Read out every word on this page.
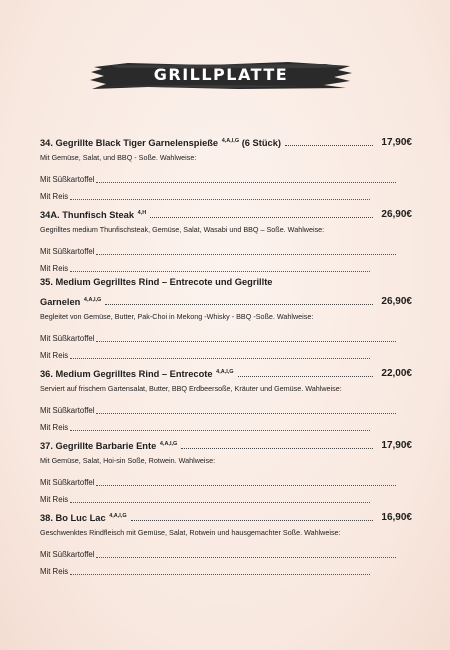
GRILLPLATTE
34. Gegrillte Black Tiger Garnelenspieße $^{4,A,I,G}$ (6 Stück)	17,90€
Mit Gemüse, Salat, und BBQ - Soße. Wahlweise:
Mit Süßkartoffel
Mit Reis
34A. Thunfisch Steak $^{4,H}$	26,90€
Gegrilltes medium Thunfischsteak, Gemüse, Salat, Wasabi und BBQ – Soße. Wahlweise:
Mit Süßkartoffel
Mit Reis
35. Medium Gegrilltes Rind – Entrecote und Gegrillte
Garnelen $^{4,A,I,G}$	26,90€
Begleitet von Gemüse, Butter, Pak-Choi in Mekong -Whisky - BBQ -Soße. Wahlweise:
Mit Süßkartoffel
Mit Reis
36. Medium Gegrilltes Rind – Entrecote $^{4,A,I,G}$	22,00€
Serviert auf frischem Gartensalat, Butter, BBQ Erdbeersoße, Kräuter und Gemüse. Wahlweise:
Mit Süßkartoffel
Mit Reis
37. Gegrillte Barbarie Ente $^{4,A,I,G}$	17,90€
Mit Gemüse, Salat, Hoi-sin Soße, Rotwein. Wahlweise:
Mit Süßkartoffel
Mit Reis
38. Bo Luc Lac $^{4,A,I,G}$	16,90€
Geschwenktes Rindfleisch mit Gemüse, Salat, Rotwein und hausgemachter Soße. Wahlweise:
Mit Süßkartoffel
Mit Reis
